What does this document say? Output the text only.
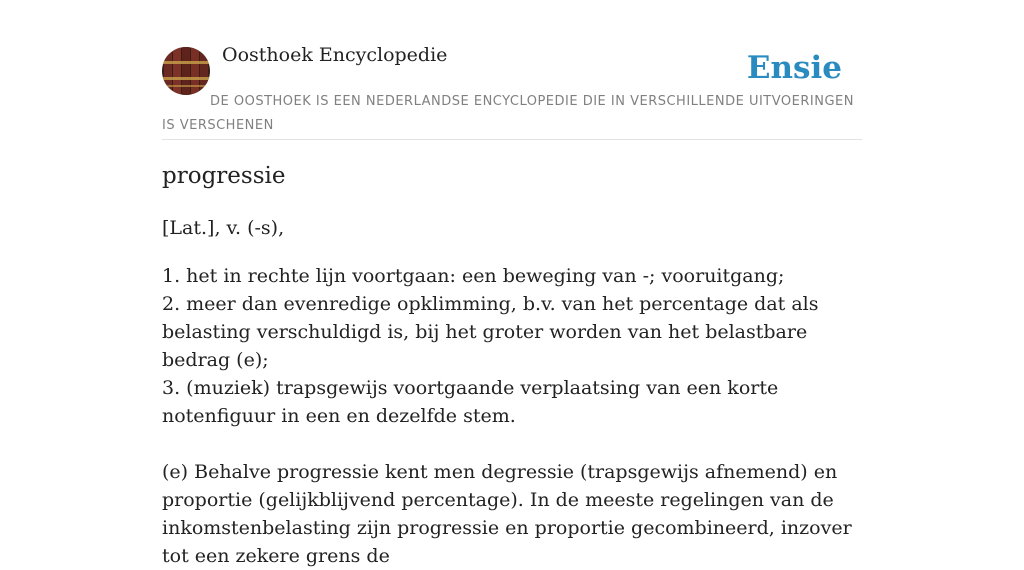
Oosthoek Encyclopedie	Ensie
DE OOSTHOEK IS EEN NEDERLANDSE ENCYCLOPEDIE DIE IN VERSCHILLENDE UITVOERINGEN IS VERSCHENEN
progressie
[Lat.], v. (-s),
1. het in rechte lijn voortgaan: een beweging van -; vooruitgang;
2. meer dan evenredige opklimming, b.v. van het percentage dat als belasting verschuldigd is, bij het groter worden van het belastbare bedrag (e);
3. (muziek) trapsgewijs voortgaande verplaatsing van een korte notenfiguur in een en dezelfde stem.
(e) Behalve progressie kent men degressie (trapsgewijs afnemend) en proportie (gelijkblijvend percentage). In de meeste regelingen van de inkomstenbelasting zijn progressie en proportie gecombineerd, inzover tot een zekere grens de
